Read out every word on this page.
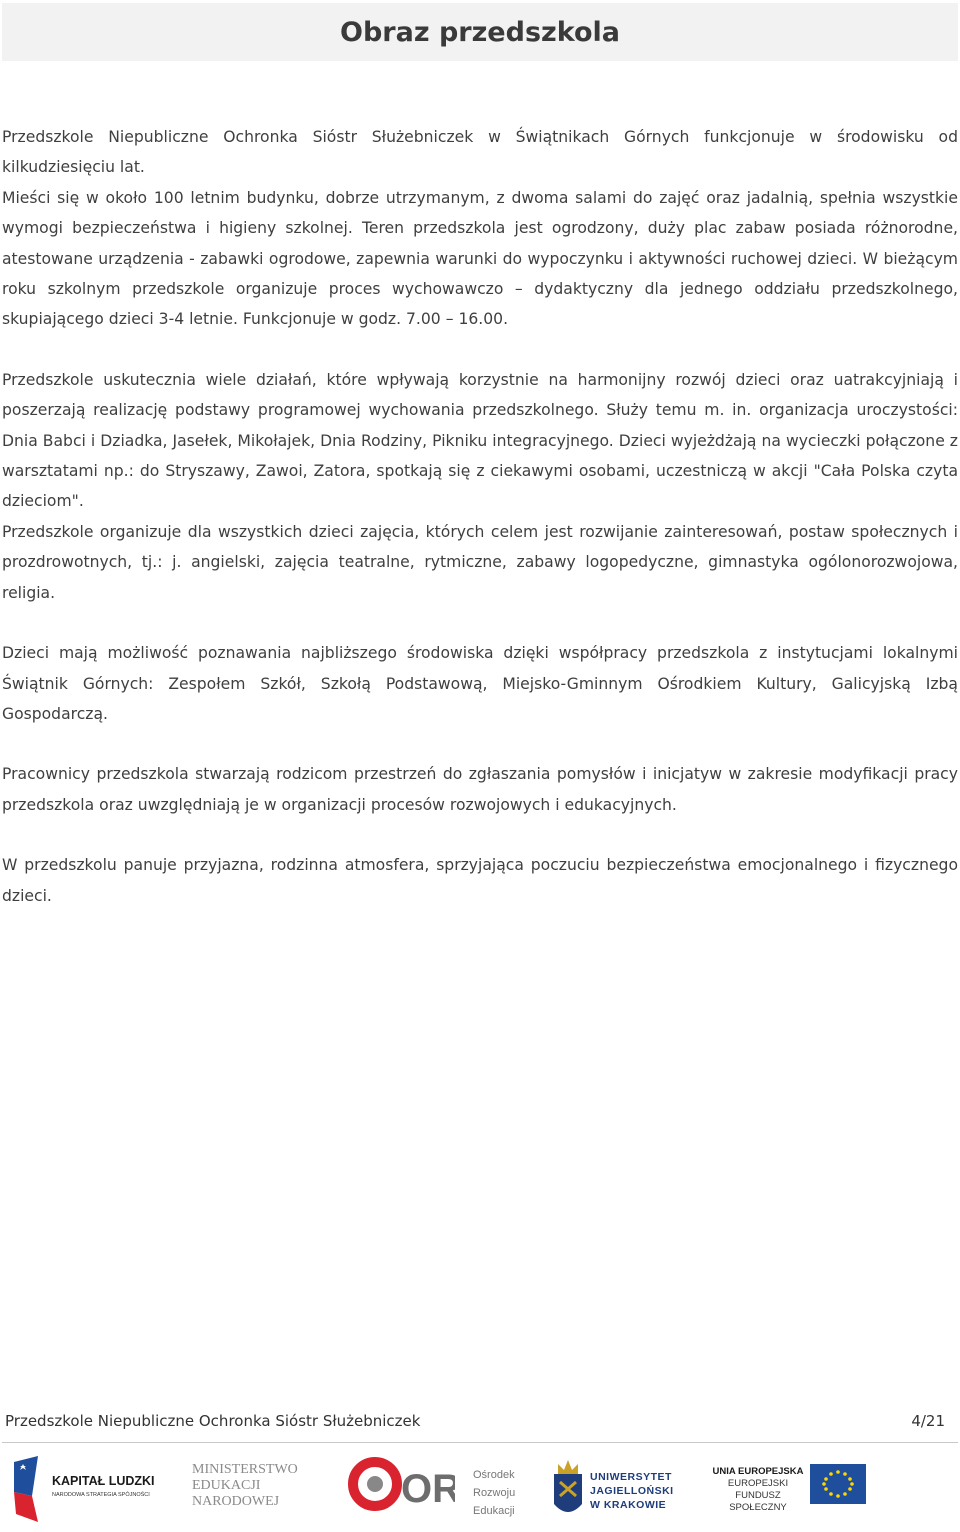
Obraz przedszkola

Przedszkole Niepubliczne Ochronka Sióstr Służebniczek w Świątnikach Górnych funkcjonuje w środowisku od kilkudziesięciu lat.

Mieści się w około 100 letnim budynku, dobrze utrzymanym, z dwoma salami do zajęć oraz jadalnią, spełnia wszystkie wymogi bezpieczeństwa i higieny szkolnej. Teren przedszkola jest ogrodzony, duży plac zabaw posiada różnorodne, atestowane urządzenia - zabawki ogrodowe, zapewnia warunki do wypoczynku i aktywności ruchowej dzieci. W bieżącym roku szkolnym przedszkole organizuje proces wychowawczo – dydaktyczny dla jednego oddziału przedszkolnego, skupiającego dzieci 3-4 letnie. Funkcjonuje w godz. 7.00 – 16.00.

Przedszkole uskutecznia wiele działań, które wpływają korzystnie na harmonijny rozwój dzieci oraz uatrakcyjniają i poszerzają realizację podstawy programowej wychowania przedszkolnego. Służy temu m. in. organizacja uroczystości: Dnia Babci i Dziadka, Jasełek, Mikołajek, Dnia Rodziny, Pikniku integracyjnego. Dzieci wyjeżdżają na wycieczki połączone z warsztatami np.: do Stryszawy, Zawoi, Zatora, spotkają się z ciekawymi osobami, uczestniczą w akcji "Cała Polska czyta dzieciom".

Przedszkole organizuje dla wszystkich dzieci zajęcia, których celem jest rozwijanie zainteresowań, postaw społecznych i prozdrowotnych, tj.: j. angielski, zajęcia teatralne, rytmiczne, zabawy logopedyczne, gimnastyka ogólonorozwojowa, religia.

Dzieci mają możliwość poznawania najbliższego środowiska dzięki współpracy przedszkola z instytucjami lokalnymi Świątnik Górnych: Zespołem Szkół, Szkołą Podstawową, Miejsko-Gminnym Ośrodkiem Kultury, Galicyjską Izbą Gospodarczą.

Pracownicy przedszkola stwarzają rodzicom przestrzeń do zgłaszania pomysłów i inicjatyw w zakresie modyfikacji pracy przedszkola oraz uwzględniają je w organizacji procesów rozwojowych i edukacyjnych.

W przedszkolu panuje przyjazna, rodzinna atmosfera, sprzyjająca poczuciu bezpieczeństwa emocjonalnego i fizycznego dzieci.

Przedszkole Niepubliczne Ochronka Sióstr Służebniczek	4/21
KAPITAŁ LUDZKI
NARODOWA STRATEGIA SPÓJNOŚCI
MINISTERSTWO
EDUKACJI
NARODOWEJ	OR	Ośrodek
Rozwoju
Edukacji
UNIWERSYTET
JAGIELLOŃSKI
W KRAKOWIE
UNIA EUROPEJSKA
EUROPEJSKI
FUNDUSZ SPOŁECZNY
